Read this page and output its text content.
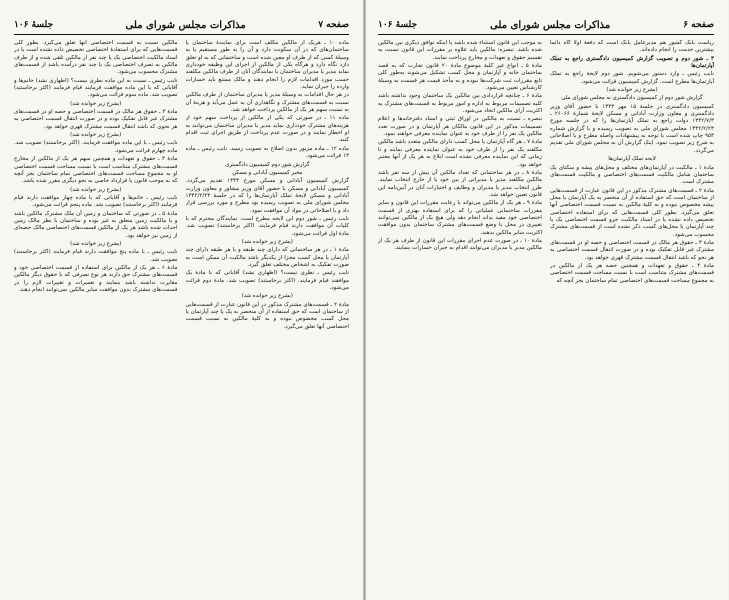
صفحه ۷
مذاکرات مجلس شورای ملی
جلسهٔ ۱۰۶

ماده ۱۰ ـ هریک از مالکین مکلف است برای نمایندهٔ ساختمان یا ساختمان‌های که در آن سکونت دارد و آن را به طور مستقیم یا به وسیلهٔ کسی که از طرف او معین شده است و ساختمانی که به او تعلق دارد نگاه دارد و هرگاه یکی از مالکین از اجرای این وظیفه خودداری نماید مدیر یا مدیران ساختمان یا نمایندگان آنان از طرف مالکین مکلفند حسب مورد اقدامات لازم را انجام دهند و مالک ممتنع باید خسارات وارده را جبران نماید.

در هر حال اقدامات به وسیلهٔ مدیر یا مدیران ساختمان از طرف مالکین نسبت به قسمت‌های مشترک و نگاهداری آن به عمل می‌آید و هزینهٔ آن به نسبت سهم هر یک از مالکین پرداخت خواهد شد.

ماده ۱۱ ـ در صورتی که یکی از مالکین از پرداخت سهم خود از هزینه‌های مشترک خودداری نماید مدیر یا مدیران ساختمان می‌توانند به او اخطار نمایند و در صورت عدم پرداخت از طریق اجرای ثبت اقدام کنند.

ماده ۱۲ ـ ماده مزبور بدون اصلاح به تصویب رسید. نایب رئیس ـ ماده ۱۳ قرائت می‌شود.

گزارش شور دوم کمیسیون دادگستری

مخبر کمیسیون آبادانی و مسکن

گزارش کمیسیون آبادانی و مسکن مورخ ۱۳۴۳ تقدیم می‌گردد. کمیسیون آبادانی و مسکن با حضور آقای وزیر مشاور و معاون وزارت آبادانی و مسکن لایحهٔ تملک آپارتمان‌ها را که در جلسهٔ ۱۳۴۲/۲/۲۳ مجلس شورای ملی به تصویب رسیده بود مطرح و مورد بررسی قرار داد و با اصلاحاتی در مواد آن موافقت نمود.

نایب رئیس ـ شور دوم این لایحه مطرح است. نمایندگان محترم که با کلیات آن موافقت دارند قیام فرمایند. (اکثر برخاستند) تصویب شد. مادهٔ اول قرائت می‌شود.

(بشرح زیر خوانده شد)

مادهٔ ۱ ـ در هر ساختمانی که دارای چند طبقه و یا هر طبقه دارای چند آپارتمان یا محل کسب مجزا از یکدیگر باشد مالکیت آن ممکن است به صورت تفکیک به اشخاص مختلف تعلق گیرد.

نایب رئیس ـ نظری نیست؟ (اظهاری نشد) آقایانی که با مادهٔ یک موافقند قیام فرمایند. (اکثر برخاستند) تصویب شد. مادهٔ دوم قرائت می‌شود.

(بشرح زیر خوانده شد)

مادهٔ ۲ ـ قسمت‌های مشترک مذکور در این قانون عبارت از قسمت‌هایی از ساختمان است که حق استفاده از آن منحصر به یک یا چند آپارتمان یا محل کسب مخصوص نبوده و به کلیهٔ مالکین به نسبت قسمت اختصاصی آنها تعلق می‌گیرد.

مالکین نسبت به قسمت اختصاصی آنها تعلق می‌گیرد. بطور کلی قسمت‌هایی که برای استفادهٔ اختصاصی تخصیص داده نشده است یا در اسناد مالکیت اختصاصی یک یا چند نفر از مالکین تلقی شده و از طرف مالکین به تصرف اختصاصی یک یا چند نفر درآمده باشد از قسمت‌های مشترک محسوب می‌شود.

نایب رئیس ـ نسبت به این ماده نظری نیست؟ (اظهاری نشد) خانم‌ها و آقایانی که با این ماده موافقت فرمایند قیام فرمایند (اکثر برخاستند) تصویب شد. ماده سوم قرائت می‌شود.

(بشرح زیر خوانده شد)

مادهٔ ۳ ـ حقوق هر مالک در قسمت اختصاصی و حصه او در قسمت‌های مشترک غیر قابل تفکیک بوده و در صورت انتقال قسمت اختصاصی به هر نحوی که باشد انتقال قسمت مشترک قهری خواهد بود.

(بشرح زیر خوانده شد)

نایب رئیس ـ با این ماده موافقت فرمایند. (اکثر برخاستند) تصویب شد. ماده چهارم قرائت می‌شود.

مادهٔ ۴ ـ حقوق و تعهدات و همچنین سهم هر یک از مالکین از مخارج قسمت‌های مشترک متناسب است با نسبت مساحت قسمت اختصاصی او به مجموع مساحت قسمت‌های اختصاصی تمام ساختمان بجز آنچه که به موجب قانون یا قرارداد خاصی به نحو دیگری مقرر شده باشد.

(بشرح زیر خوانده شد)

نایب رئیس ـ خانم‌ها و آقایانی که با ماده چهار موافقت دارند قیام فرمایند (اکثر برخاستند) تصویب شد. ماده پنجم قرائت می‌شود.

مادهٔ ۵ ـ در صورتی که ساختمان و زمین آن ملک مشترک مالکین باشد و یا مالکیت زمین متعلق به غیر بوده و ساختمان با نظر مالک زمین احداث شده باشد هر یک از مالکین قسمت‌های اختصاصی مالک حصه‌ای از زمین نیز خواهد بود.

(بشرح زیر خوانده شد)

نایب رئیس ـ با ماده پنج موافقت دارند قیام فرمایند (اکثر برخاستند) تصویب شد.

مادهٔ ۶ ـ هر یک از مالکین برای استفاده از قسمت اختصاصی خود و قسمت‌های مشترک حق دارند هر نوع تصرفی که با حقوق دیگر مالکین مغایرت نداشته باشد بنمایند و تعمیرات و تغییرات لازم را در قسمت‌های مشترک بدون موافقت سایر مالکین نمی‌توانند انجام دهند.

صفحه ۶
مذاکرات مجلس شورای ملی
جلسهٔ ۱۰۶

ریاست بانک کشور هم مدیرعامل بانک است که دفعهٔ اولاً گاه دائماً بیشترین خدمت را انجام داده‌اند.

۳ ـ شور دوم و تصویب گزارش کمیسیون دادگستری راجع به تملک آپارتمان‌ها

نایب رئیس ـ وارد دستور می‌شویم. شور دوم لایحهٔ راجع به تملک آپارتمان‌ها مطرح است. گزارش کمیسیون قرائت می‌شود.

(بشرح زیر خوانده شد)

گزارش شور دوم از کمیسیون دادگستری به مجلس شورای ملی

کمیسیون دادگستری در جلسهٔ ۱۵ مهر ۱۳۴۳ با حضور آقای وزیر دادگستری و معاون وزارت آبادانی و مسکن لایحهٔ شمارهٔ ۲۶۰۶۶ ـ ۱۳۴۲/۷/۳ دولت راجع به تملک آپارتمان‌ها را که در جلسه مورخ ۱۳۴۲/۲/۲۳ مجلس شورای ملی به تصویب رسیده و با گزارش شماره ۹۵۳ چاپ شده است با توجه به پیشنهادات واصله مطرح و با اصلاحاتی به شرح زیر تصویب نمود. اینک گزارش آن به مجلس شورای ملی تقدیم می‌گردد.

لایحه تملک آپارتمان‌ها

مادهٔ ۱ ـ مالکیت در آپارتمان‌های مختلف و محل‌های پیشه و سکنای یک ساختمان شامل مالکیت قسمت‌های اختصاصی و مالکیت قسمت‌های مشترک است.

مادهٔ ۲ ـ قسمت‌های مشترک مذکور در این قانون عبارت از قسمت‌هایی از ساختمان است که حق استفاده از آن منحصر به یک آپارتمان یا محل پیشه مخصوص نبوده و به کلیهٔ مالکین به نسبت قسمت اختصاصی آنها تعلق می‌گیرد. بطور کلی قسمت‌هایی که برای استفاده اختصاصی تخصیص داده نشده یا در اسناد مالکیت جزو قسمت اختصاصی یک یا چند آپارتمان یا محل‌های کسب ذکر نشده است از قسمت‌های مشترک محسوب می‌شود.

مادهٔ ۳ ـ حقوق هر مالک در قسمت اختصاصی و حصه او در قسمت‌های مشترک غیر قابل تفکیک بوده و در صورت انتقال قسمت اختصاصی به هر نحو که باشد انتقال قسمت مشترک قهری خواهد بود.

مادهٔ ۴ ـ حقوق و تعهدات و همچنین حصه هر یک از مالکین در قسمت‌های مشترک متناسب است با نسبت مساحت قسمت اختصاصی به مجموع مساحت قسمت‌های اختصاصی تمام ساختمان بجز آنچه که

به موجب این قانون استثناء شده باشد یا اینکه توافق دیگری بین مالکین شده باشد. تبصره: مالکین باید علاوه بر مقررات این قانون نسبت به تقسیم حقوق و تعهدات و مخارج پرداخت نمایند.

مادهٔ ۵ ـ انواع غیر کلیهٔ موضوع مادهٔ ۲۰ قانون تجارت که به قصد ساختمان خانه و آپارتمان و محل کسب تشکیل می‌شوند به‌طور کلی تابع مقررات ثبت شرکت‌ها نبوده و به مأخذ قیمت هر قسمت به وسیلهٔ کارشناس تعیین می‌شود.

مادهٔ ۶ ـ چنانچه قراردادی بین مالکین یک ساختمان وجود نداشته باشد کلیه تصمیمات مربوط به اداره و امور مربوط به قسمت‌های مشترک به اکثریت آرای مالکین اتخاذ می‌شود.

تبصره ـ نسبت به مالکین در اوراق ثبتی و اسناد دفترخانه‌ها و اعلام تصمیمات مذکور در این قانون مالکان هر آپارتمان و در صورت تعدد مالکین یک نفر را از طرف خود به عنوان نماینده معرفی خواهند نمود.

مادهٔ ۷ ـ هر گاه آپارتمان یا محل کسب دارای مالکین متعدد باشد مالکین مکلفند یک نفر را از طرف خود به عنوان نماینده معرفی نمایند و تا زمانی که این نماینده معرفی نشده است ابلاغ به هر یک از آنها معتبر خواهد بود.

مادهٔ ۸ ـ در هر ساختمانی که تعداد مالکین آن بیش از سه نفر باشد مالکین مکلفند مدیر یا مدیرانی از بین خود یا از خارج انتخاب نمایند. طرز انتخاب مدیر یا مدیران و وظایف و اختیارات آنان در آیین‌نامه این قانون تعیین خواهد شد.

مادهٔ ۹ ـ هر یک از مالکین می‌تواند با رعایت مقررات این قانون و سایر مقررات ساختمانی عملیاتی را که برای استفاده بهتری از قسمت اختصاصی خود مفید بداند انجام دهد ولی هیچ یک از مالکین نمی‌توانند تغییری در محل یا وضع قسمت‌های مشترک ساختمان بدون موافقت اکثریت سایر مالکین بدهند.

مادهٔ ۱۰ ـ در صورت عدم اجرای مقررات این قانون از طرف هر یک از مالکین مدیر یا مدیران می‌توانند اقدام به جبران خسارات بنمایند.
